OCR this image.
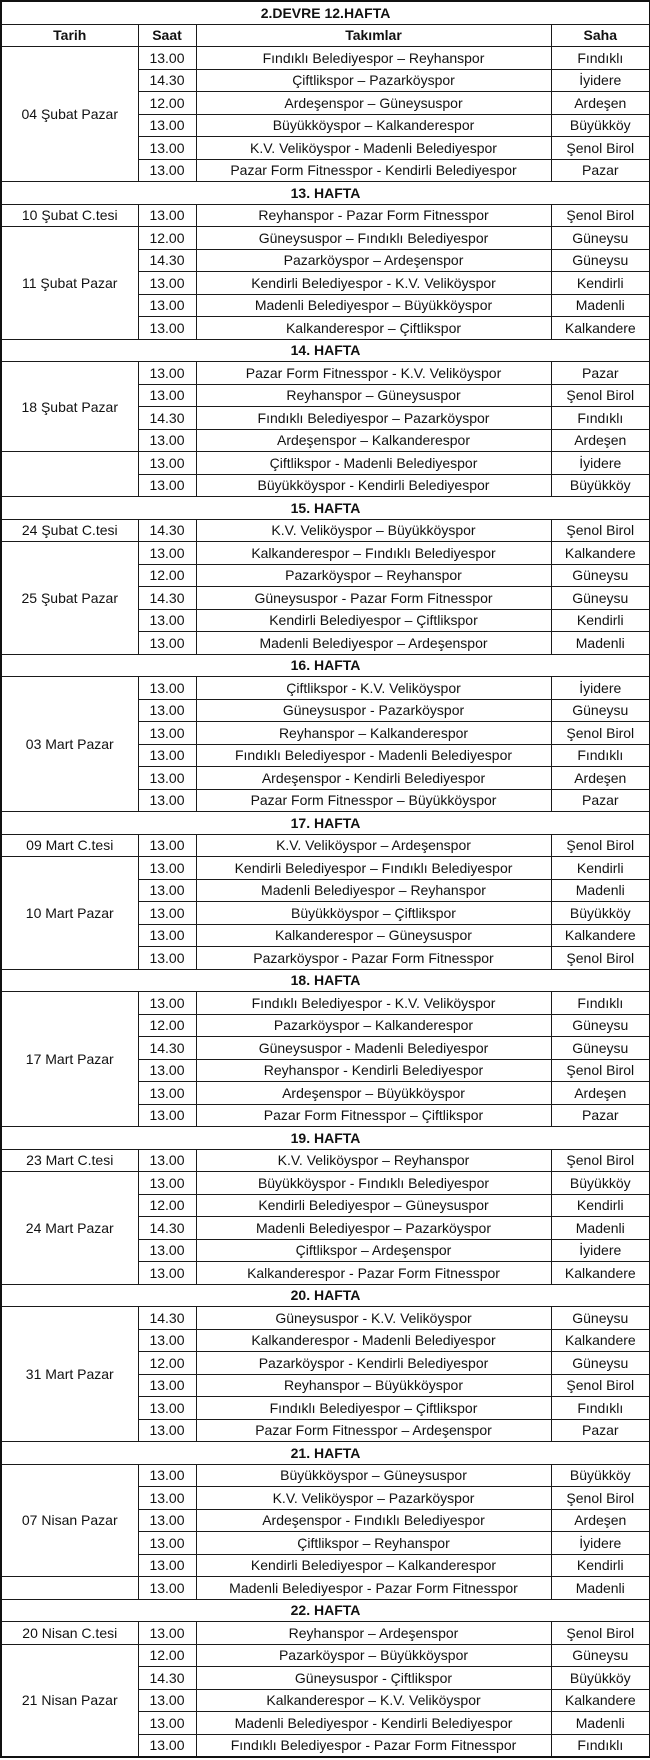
2.DEVRE 12.HAFTA			
Tarih	Saat	Takımlar	Saha
04 Şubat Pazar	13.00	Fındıklı Belediyespor – Reyhanspor	Fındıklı
	14.30	Çiftlikspor – Pazarköyspor	İyidere
	12.00	Ardeşenspor – Güneysuspor	Ardeşen
	13.00	Büyükköyspor – Kalkanderespor	Büyükköy
	13.00	K.V. Veliköyspor - Madenli Belediyespor	Şenol Birol
	13.00	Pazar Form Fitnesspor - Kendirli Belediyespor	Pazar
13. HAFTA			
10 Şubat C.tesi	13.00	Reyhanspor - Pazar Form Fitnesspor	Şenol Birol
11 Şubat Pazar	12.00	Güneysuspor – Fındıklı Belediyespor	Güneysu
	14.30	Pazarköyspor – Ardeşenspor	Güneysu
	13.00	Kendirli Belediyespor - K.V. Veliköyspor	Kendirli
	13.00	Madenli Belediyespor – Büyükköyspor	Madenli
	13.00	Kalkanderespor – Çiftlikspor	Kalkandere
14. HAFTA			
18 Şubat Pazar	13.00	Pazar Form Fitnesspor - K.V. Veliköyspor	Pazar
	13.00	Reyhanspor – Güneysuspor	Şenol Birol
	14.30	Fındıklı Belediyespor – Pazarköyspor	Fındıklı
	13.00	Ardeşenspor – Kalkanderespor	Ardeşen
	13.00	Çiftlikspor - Madenli Belediyespor	İyidere
	13.00	Büyükköyspor - Kendirli Belediyespor	Büyükköy
15. HAFTA			
24 Şubat C.tesi	14.30	K.V. Veliköyspor – Büyükköyspor	Şenol Birol
25 Şubat Pazar	13.00	Kalkanderespor – Fındıklı Belediyespor	Kalkandere
	12.00	Pazarköyspor – Reyhanspor	Güneysu
	14.30	Güneysuspor - Pazar Form Fitnesspor	Güneysu
	13.00	Kendirli Belediyespor – Çiftlikspor	Kendirli
	13.00	Madenli Belediyespor – Ardeşenspor	Madenli
16. HAFTA			
03 Mart Pazar	13.00	Çiftlikspor - K.V. Veliköyspor	İyidere
	13.00	Güneysuspor - Pazarköyspor	Güneysu
	13.00	Reyhanspor – Kalkanderespor	Şenol Birol
	13.00	Fındıklı Belediyespor - Madenli Belediyespor	Fındıklı
	13.00	Ardeşenspor - Kendirli Belediyespor	Ardeşen
	13.00	Pazar Form Fitnesspor – Büyükköyspor	Pazar
17. HAFTA			
09 Mart C.tesi	13.00	K.V. Veliköyspor – Ardeşenspor	Şenol Birol
10 Mart Pazar	13.00	Kendirli Belediyespor – Fındıklı Belediyespor	Kendirli
	13.00	Madenli Belediyespor – Reyhanspor	Madenli
	13.00	Büyükköyspor – Çiftlikspor	Büyükköy
	13.00	Kalkanderespor – Güneysuspor	Kalkandere
	13.00	Pazarköyspor - Pazar Form Fitnesspor	Şenol Birol
18. HAFTA			
17 Mart Pazar	13.00	Fındıklı Belediyespor - K.V. Veliköyspor	Fındıklı
	12.00	Pazarköyspor – Kalkanderespor	Güneysu
	14.30	Güneysuspor - Madenli Belediyespor	Güneysu
	13.00	Reyhanspor - Kendirli Belediyespor	Şenol Birol
	13.00	Ardeşenspor – Büyükköyspor	Ardeşen
	13.00	Pazar Form Fitnesspor – Çiftlikspor	Pazar
19. HAFTA			
23 Mart C.tesi	13.00	K.V. Veliköyspor – Reyhanspor	Şenol Birol
24 Mart Pazar	13.00	Büyükköyspor - Fındıklı Belediyespor	Büyükköy
	12.00	Kendirli Belediyespor – Güneysuspor	Kendirli
	14.30	Madenli Belediyespor – Pazarköyspor	Madenli
	13.00	Çiftlikspor – Ardeşenspor	İyidere
	13.00	Kalkanderespor - Pazar Form Fitnesspor	Kalkandere
20. HAFTA			
31 Mart Pazar	14.30	Güneysuspor - K.V. Veliköyspor	Güneysu
	13.00	Kalkanderespor - Madenli Belediyespor	Kalkandere
	12.00	Pazarköyspor - Kendirli Belediyespor	Güneysu
	13.00	Reyhanspor – Büyükköyspor	Şenol Birol
	13.00	Fındıklı Belediyespor – Çiftlikspor	Fındıklı
	13.00	Pazar Form Fitnesspor – Ardeşenspor	Pazar
21. HAFTA			
07 Nisan Pazar	13.00	Büyükköyspor – Güneysuspor	Büyükköy
	13.00	K.V. Veliköyspor – Pazarköyspor	Şenol Birol
	13.00	Ardeşenspor - Fındıklı Belediyespor	Ardeşen
	13.00	Çiftlikspor – Reyhanspor	İyidere
	13.00	Kendirli Belediyespor – Kalkanderespor	Kendirli
	13.00	Madenli Belediyespor - Pazar Form Fitnesspor	Madenli
22. HAFTA			
20 Nisan C.tesi	13.00	Reyhanspor – Ardeşenspor	Şenol Birol
21 Nisan Pazar	12.00	Pazarköyspor – Büyükköyspor	Güneysu
	14.30	Güneysuspor - Çiftlikspor	Büyükköy
	13.00	Kalkanderespor – K.V. Veliköyspor	Kalkandere
	13.00	Madenli Belediyespor - Kendirli Belediyespor	Madenli
	13.00	Fındıklı Belediyespor - Pazar Form Fitnesspor	Fındıklı
